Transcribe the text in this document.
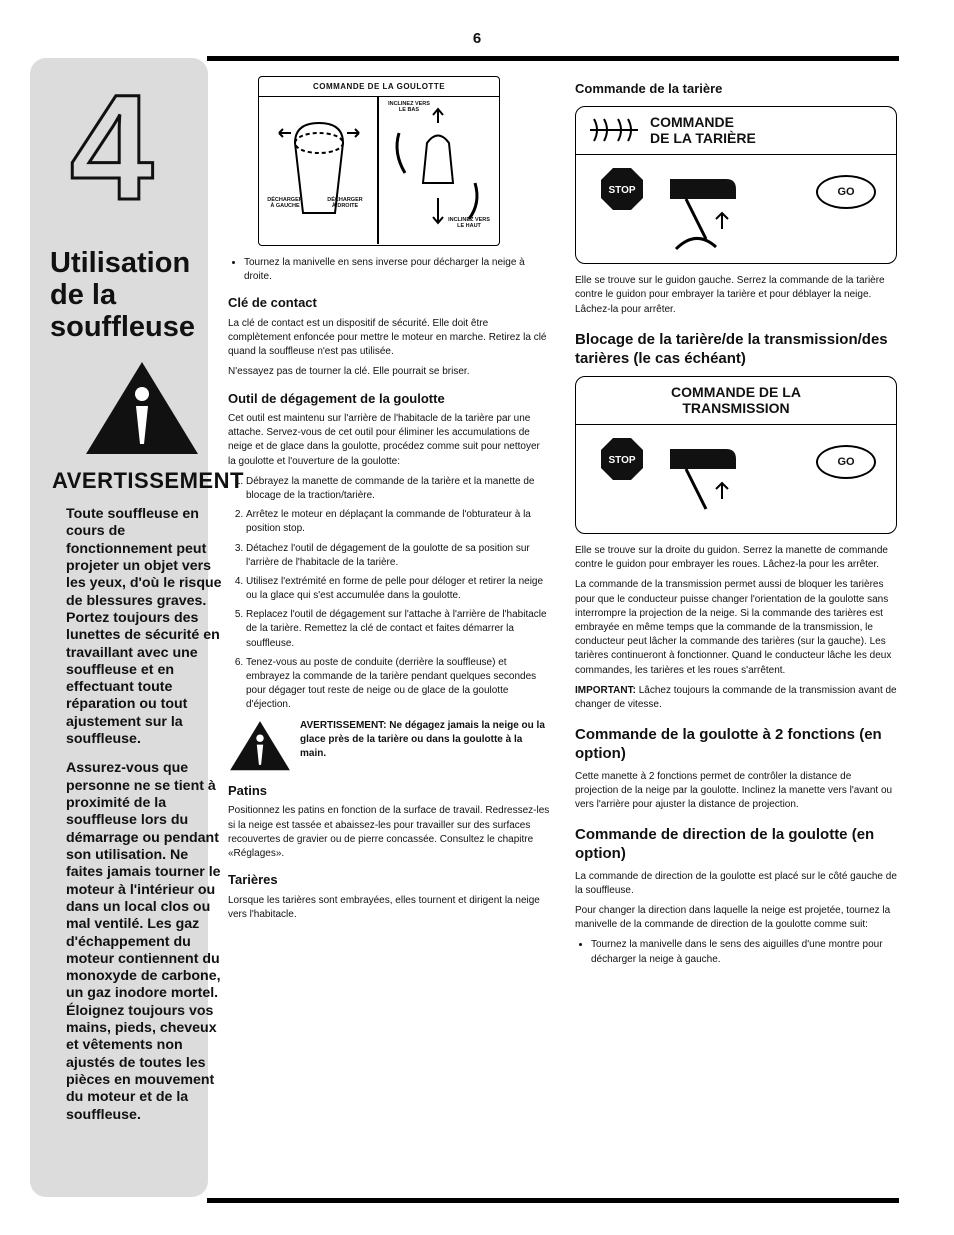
6
4
Utilisation
de la
souffleuse
AVERTISSEMENT

Toute souffleuse en cours de fonctionnement peut projeter un objet vers les yeux, d'où le risque de blessures graves. Portez toujours des lunettes de sécurité en travaillant avec une souffleuse et en effectuant toute réparation ou tout ajustement sur la souffleuse.

Assurez-vous que personne ne se tient à proximité de la souffleuse lors du démarrage ou pendant son utilisation. Ne faites jamais tourner le moteur à l'intérieur ou dans un local clos ou mal ventilé. Les gaz d'échappement du moteur contiennent du monoxyde de carbone, un gaz inodore mortel. Éloignez toujours vos mains, pieds, cheveux et vêtements non ajustés de toutes les pièces en mouvement du moteur et de la souffleuse.

COMMANDE DE LA GOULOTTE
DÉCHARGER À GAUCHE
DÉCHARGER À DROITE
INCLINEZ VERS LE BAS
INCLINEZ VERS LE HAUT
• Tournez la manivelle en sens inverse pour décharger la neige à droite.
Clé de contact

La clé de contact est un dispositif de sécurité. Elle doit être complètement enfoncée pour mettre le moteur en marche. Retirez la clé quand la souffleuse n'est pas utilisée.

N'essayez pas de tourner la clé. Elle pourrait se briser.

Outil de dégagement de la goulotte

Cet outil est maintenu sur l'arrière de l'habitacle de la tarière par une attache. Servez-vous de cet outil pour éliminer les accumulations de neige et de glace dans la goulotte, procédez comme suit pour nettoyer la goulotte et l'ouverture de la goulotte:

1. Débrayez la manette de commande de la tarière et la manette de blocage de la traction/tarière.
2. Arrêtez le moteur en déplaçant la commande de l'obturateur à la position stop.
3. Détachez l'outil de dégagement de la goulotte de sa position sur l'arrière de l'habitacle de la tarière.
4. Utilisez l'extrémité en forme de pelle pour déloger et retirer la neige ou la glace qui s'est accumulée dans la goulotte.
5. Replacez l'outil de dégagement sur l'attache à l'arrière de l'habitacle de la tarière. Remettez la clé de contact et faites démarrer la souffleuse.
6. Tenez-vous au poste de conduite (derrière la souffleuse) et embrayez la commande de la tarière pendant quelques secondes pour dégager tout reste de neige ou de glace de la goulotte d'éjection.
AVERTISSEMENT: Ne dégagez jamais la neige ou la glace près de la tarière ou dans la goulotte à la main.
Patins

Positionnez les patins en fonction de la surface de travail. Redressez-les si la neige est tassée et abaissez-les pour travailler sur des surfaces recouvertes de gravier ou de pierre concassée. Consultez le chapitre «Réglages».

Tarières

Lorsque les tarières sont embrayées, elles tournent et dirigent la neige vers l'habitacle.

Commande de la tarière
COMMANDE
DE LA TARIÈRE
STOP	GO

Elle se trouve sur le guidon gauche. Serrez la commande de la tarière contre le guidon pour embrayer la tarière et pour déblayer la neige. Lâchez-la pour arrêter.

Blocage de la tarière/de la transmission/des tarières (le cas échéant)
COMMANDE DE LA
TRANSMISSION
STOP	GO

Elle se trouve sur la droite du guidon. Serrez la manette de commande contre le guidon pour embrayer les roues. Lâchez-la pour les arrêter.

La commande de la transmission permet aussi de bloquer les tarières pour que le conducteur puisse changer l'orientation de la goulotte sans interrompre la projection de la neige. Si la commande des tarières est embrayée en même temps que la commande de la transmission, le conducteur peut lâcher la commande des tarières (sur la gauche). Les tarières continueront à fonctionner. Quand le conducteur lâche les deux commandes, les tarières et les roues s'arrêtent.

IMPORTANT: Lâchez toujours la commande de la transmission avant de changer de vitesse.

Commande de la goulotte à 2 fonctions (en option)

Cette manette à 2 fonctions permet de contrôler la distance de projection de la neige par la goulotte. Inclinez la manette vers l'avant ou vers l'arrière pour ajuster la distance de projection.

Commande de direction de la goulotte (en option)

La commande de direction de la goulotte est placé sur le côté gauche de la souffleuse.

Pour changer la direction dans laquelle la neige est projetée, tournez la manivelle de la commande de direction de la goulotte comme suit:

• Tournez la manivelle dans le sens des aiguilles d'une montre pour décharger la neige à gauche.
